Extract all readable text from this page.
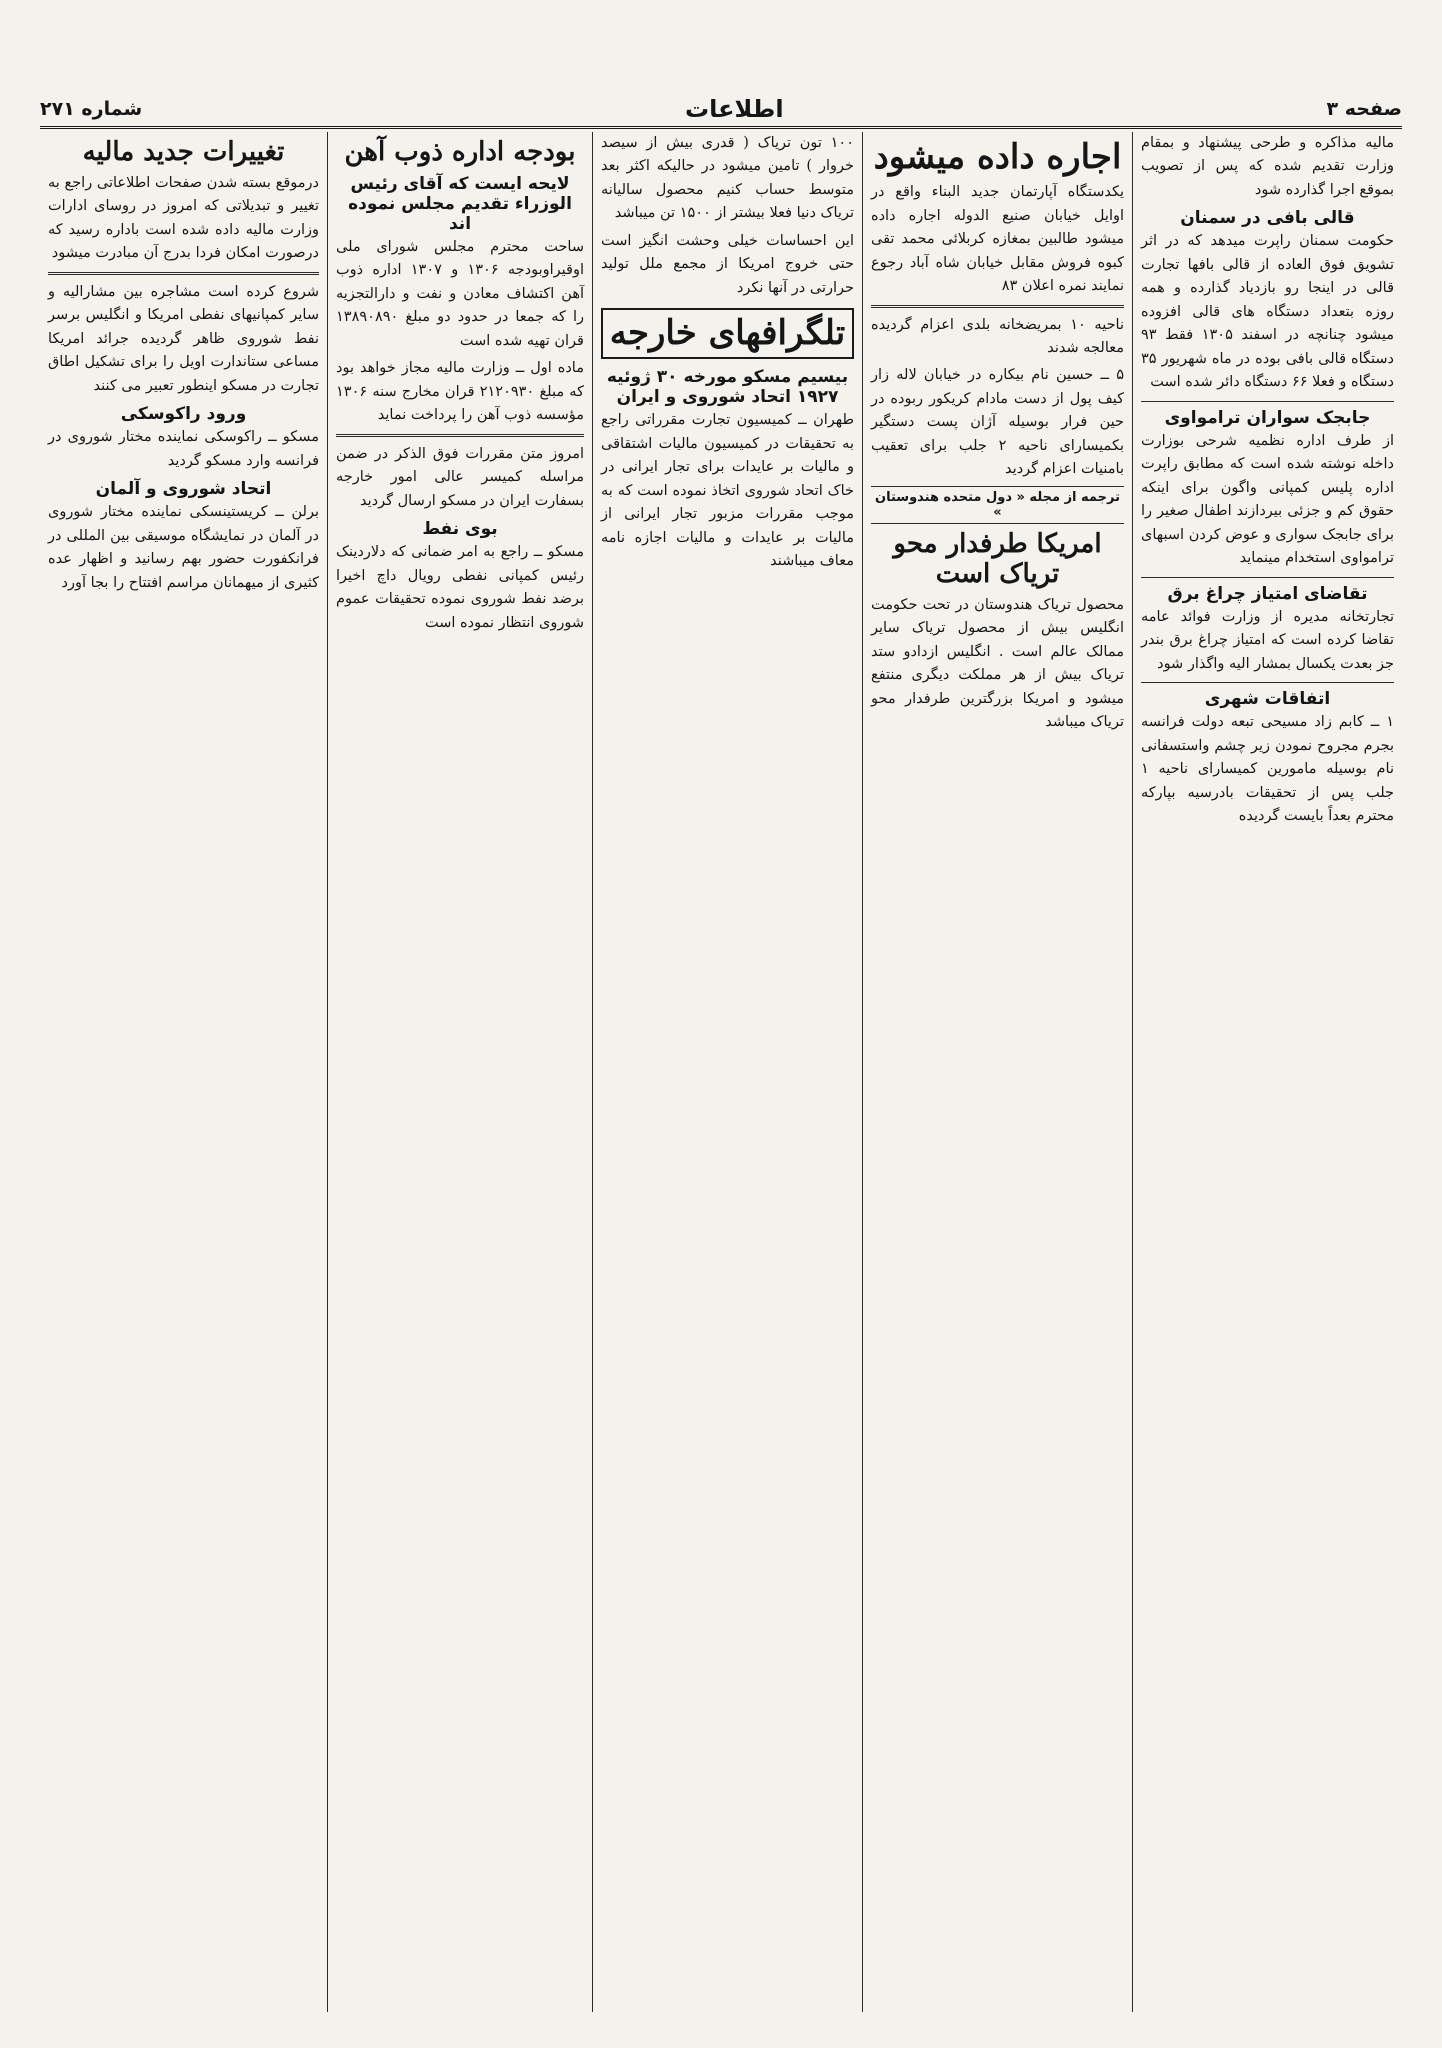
صفحه ۳
اطلاعات
شماره ۲۷۱

مالیه مذاکره و طرحی پیشنهاد و بمقام وزارت تقدیم شده که پس از تصویب بموقع اجرا گذارده شود

قالی بافی در سمنان

حکومت سمنان راپرت میدهد که در اثر تشویق فوق العاده از قالی بافها تجارت قالی در اینجا رو بازدیاد گذارده و همه روزه بتعداد دستگاه های قالی افزوده میشود چنانچه در اسفند ۱۳۰۵ فقط ۹۳ دستگاه قالی بافی بوده در ماه شهریور ۳۵ دستگاه و فعلا ۶۶ دستگاه دائر شده است

جابجک سواران ترامواوی

از طرف اداره نظمیه شرحی بوزارت داخله نوشته شده است که مطابق راپرت اداره پلیس کمپانی واگون برای اینکه حقوق کم و جزئی بیردازند اطفال صغیر را برای جابجک سواری و عوض کردن اسبهای ترامواوی استخدام مینماید

تقاضای امتیاز چراغ برق

تجارتخانه مدیره از وزارت فوائد عامه تقاضا کرده است که امتیاز چراغ برق بندر جز بعدت یکسال بمشار الیه واگذار شود

اتفاقات شهری

۱ ــ کابم زاد مسیحی تبعه دولت فرانسه بجرم مجروح نمودن زیر چشم واستسفانی نام بوسیله مامورین کمیسارای ناحیه ۱ جلب پس از تحقیقات بادرسیه بپارکه محترم بعداً بایست گردیده

اجاره داده میشود

یکدستگاه آپارتمان جدید البناء واقع در اوایل خیابان صنیع الدوله اجاره داده میشود طالبین بمغازه کربلائی محمد تقی کبوه فروش مقابل خیابان شاه آباد رجوع نمایند نمره اعلان ۸۳

ناحیه ۱۰ بمریضخانه بلدی اعزام گردیده معالجه شدند

۵ ــ حسین نام بیکاره در خیابان لاله زار کیف پول از دست مادام کریکور ربوده در حین فرار بوسیله آژان پست دستگیر بکمیسارای ناحیه ۲ جلب برای تعقیب بامنیات اعزام گردید

ترجمه از مجله « دول متحده هندوستان »
امریکا طرفدار محو تریاک است

محصول تریاک هندوستان در تحت حکومت انگلیس بیش از محصول تریاک سایر ممالک عالم است . انگلیس ازدادو ستد تریاک بیش از هر مملکت دیگری منتفع میشود و امریکا بزرگترین طرفدار محو تریاک میباشد

۱۰۰ تون تریاک ( قدری بیش از سیصد خروار ) تامین میشود در حالیکه اکثر بعد متوسط حساب کنیم محصول سالیانه تریاک دنیا فعلا بیشتر از ۱۵۰۰ تن میباشد

این احساسات خیلی وحشت انگیز است حتی خروج امریکا از مجمع ملل تولید حرارتی در آنها نکرد

تلگرافهای خارجه
بیسیم مسکو مورخه ۳۰ ژوئیه ۱۹۲۷ اتحاد شوروی و ایران

طهران ــ کمیسیون تجارت مقرراتی راجع به تحقیقات در کمیسیون مالیات اشتقاقی و مالیات بر عایدات برای تجار ایرانی در خاک اتحاد شوروی اتخاذ نموده است که به موجب مقررات مزبور تجار ایرانی از مالیات بر عایدات و مالیات اجازه نامه معاف میباشند

بودجه اداره ذوب آهن
لایحه ایست که آقای رئیس الوزراء تقدیم مجلس نموده اند

ساحت محترم مجلس شورای ملی اوقیراوبودجه ۱۳۰۶ و ۱۳۰۷ اداره ذوب آهن اکتشاف معادن و نفت و دارالتجزیه را که جمعا در حدود دو مبلغ ۱۳۸۹۰۸۹۰ قران تهیه شده است

ماده اول ــ وزارت مالیه مجاز خواهد بود که مبلغ ۲۱۲۰۹۳۰ قران مخارج سنه ۱۳۰۶ مؤسسه ذوب آهن را پرداخت نماید

امروز متن مقررات فوق الذکر در ضمن مراسله کمیسر عالی امور خارجه بسفارت ایران در مسکو ارسال گردید

بوی نفط

مسکو ــ راجع به امر ضمانی که دلاردینک رئیس کمپانی نفطی رویال داچ اخیرا برضد نفط شوروی نموده تحقیقات عموم شوروی انتظار نموده است

تغییرات جدید مالیه

درموقع بسته شدن صفحات اطلاعاتی راجع به تغییر و تبدیلاتی که امروز در روسای ادارات وزارت مالیه داده شده است باداره رسید که درصورت امکان فردا بدرج آن مبادرت میشود

شروع کرده است مشاجره بین مشارالیه و سایر کمپانیهای نفطی امریکا و انگلیس برسر نفط شوروی ظاهر گردیده جرائد امریکا مساعی ستاندارت اویل را برای تشکیل اطاق تجارت در مسکو اینطور تعبیر می کنند

ورود راکوسکی

مسکو ــ راکوسکی نماینده مختار شوروی در فرانسه وارد مسکو گردید

اتحاد شوروی و آلمان

برلن ــ کریستینسکی نماینده مختار شوروی در آلمان در نمایشگاه موسیقی بین المللی در فرانکفورت حضور بهم رسانید و اظهار عده کثیری از میهمانان مراسم افتتاح را بجا آورد
